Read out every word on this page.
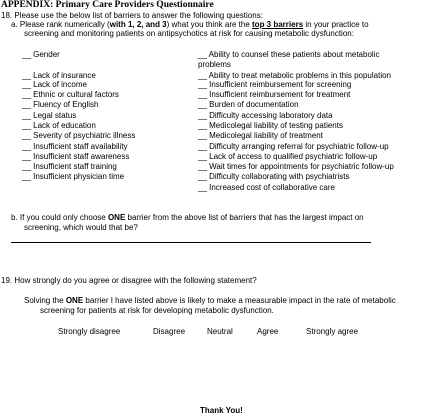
APPENDIX: Primary Care Providers Questionnaire
18. Please use the below list of barriers to answer the following questions:
a. Please rank numerically (with 1, 2, and 3) what you think are the top 3 barriers in your practice to
screening and monitoring patients on antipsychotics at risk for causing metabolic dysfunction:
__ Gender
__ Lack of insurance
__ Lack of income
__ Ethnic or cultural factors
__ Fluency of English
__ Legal status
__ Lack of education
__ Severity of psychiatric illness
__ Insufficient staff availability
__ Insufficient staff awareness
__ Insufficient staff training
__ Insufficient physician time
__ Ability to counsel these patients about metabolic
problems
__ Ability to treat metabolic problems in this population
__ Insufficient reimbursement for screening
__ Insufficient reimbursement for treatment
__ Burden of documentation
__ Difficulty accessing laboratory data
__ Medicolegal liability of testing patients
__ Medicolegal liability of treatment
__ Difficulty arranging referral for psychiatric follow-up
__ Lack of access to qualified psychiatric follow-up
__ Wait times for appointments for psychiatric follow-up
__ Difficulty collaborating with psychiatrists
__ Increased cost of collaborative care
b. If you could only choose ONE barrier from the above list of barriers that has the largest impact on
screening, which would that be?
19. How strongly do you agree or disagree with the following statement?
Solving the ONE barrier I have listed above is likely to make a measurable impact in the rate of metabolic
screening for patients at risk for developing metabolic dysfunction.
Strongly disagree	Disagree	Neutral	Agree	Strongly agree
Thank You!
